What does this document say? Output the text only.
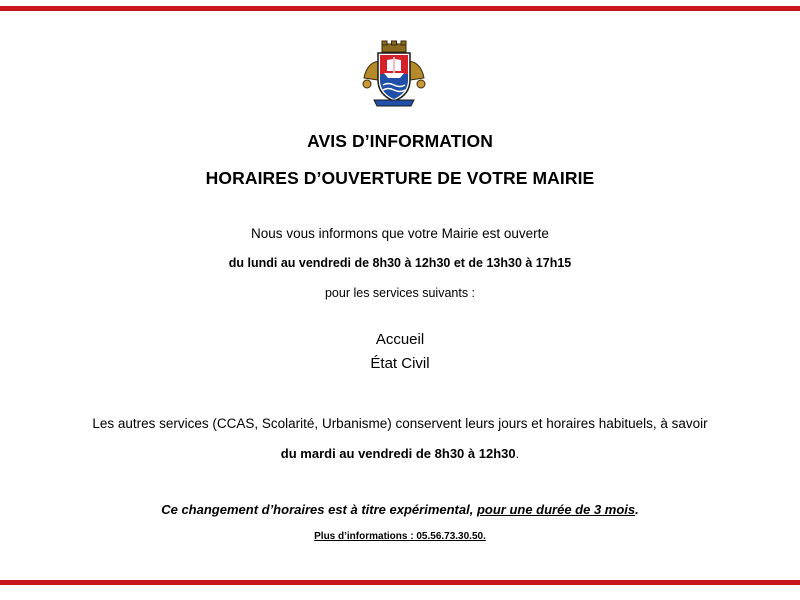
AVIS D’INFORMATION
HORAIRES D’OUVERTURE DE VOTRE MAIRIE
Nous vous informons que votre Mairie est ouverte
du lundi au vendredi de 8h30 à 12h30 et de 13h30 à 17h15
pour les services suivants :
Accueil
État Civil
Les autres services (CCAS, Scolarité, Urbanisme) conservent leurs jours et horaires habituels, à savoir
du mardi au vendredi de 8h30 à 12h30.
Ce changement d’horaires est à titre expérimental, pour une durée de 3 mois.
Plus d’informations : 05.56.73.30.50.
